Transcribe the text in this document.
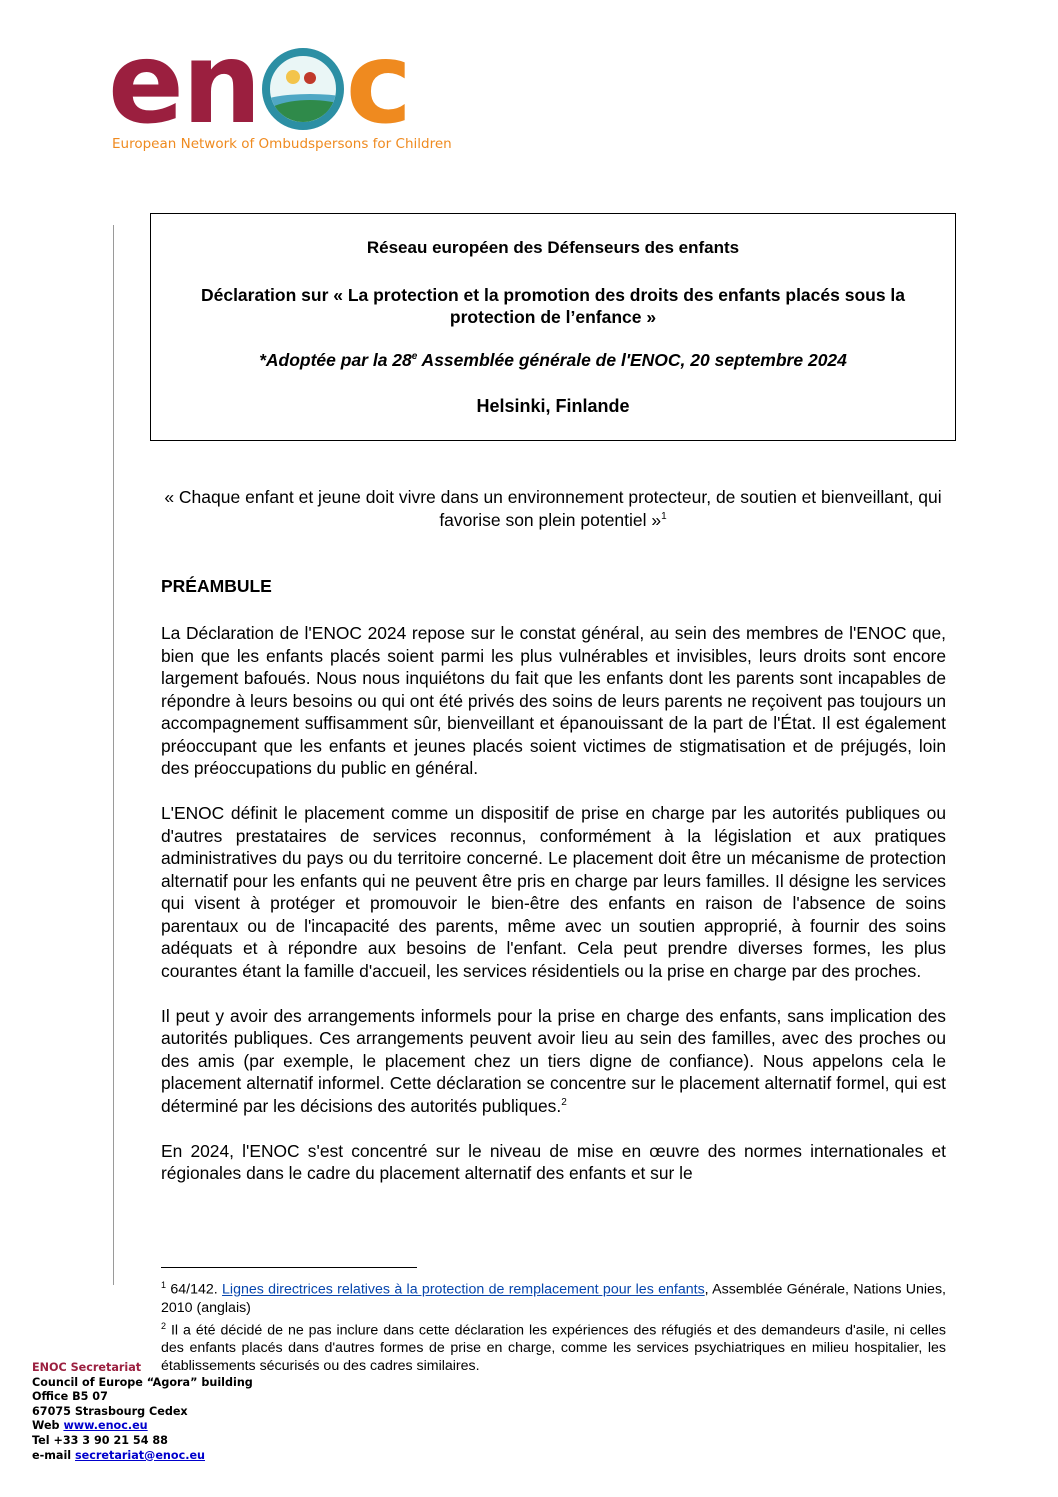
en c
European Network of Ombudspersons for Children
Réseau européen des Défenseurs des enfants
Déclaration sur « La protection et la promotion des droits des enfants placés sous la protection de l’enfance »
*Adoptée par la 28e Assemblée générale de l'ENOC, 20 septembre 2024
Helsinki, Finlande
« Chaque enfant et jeune doit vivre dans un environnement protecteur, de soutien et bienveillant, qui favorise son plein potentiel »$^1$
PRÉAMBULE

La Déclaration de l'ENOC 2024 repose sur le constat général, au sein des membres de l'ENOC que, bien que les enfants placés soient parmi les plus vulnérables et invisibles, leurs droits sont encore largement bafoués. Nous nous inquiétons du fait que les enfants dont les parents sont incapables de répondre à leurs besoins ou qui ont été privés des soins de leurs parents ne reçoivent pas toujours un accompagnement suffisamment sûr, bienveillant et épanouissant de la part de l'État. Il est également préoccupant que les enfants et jeunes placés soient victimes de stigmatisation et de préjugés, loin des préoccupations du public en général.

L'ENOC définit le placement comme un dispositif de prise en charge par les autorités publiques ou d'autres prestataires de services reconnus, conformément à la législation et aux pratiques administratives du pays ou du territoire concerné. Le placement doit être un mécanisme de protection alternatif pour les enfants qui ne peuvent être pris en charge par leurs familles. Il désigne les services qui visent à protéger et promouvoir le bien-être des enfants en raison de l'absence de soins parentaux ou de l'incapacité des parents, même avec un soutien approprié, à fournir des soins adéquats et à répondre aux besoins de l'enfant. Cela peut prendre diverses formes, les plus courantes étant la famille d'accueil, les services résidentiels ou la prise en charge par des proches.

Il peut y avoir des arrangements informels pour la prise en charge des enfants, sans implication des autorités publiques. Ces arrangements peuvent avoir lieu au sein des familles, avec des proches ou des amis (par exemple, le placement chez un tiers digne de confiance). Nous appelons cela le placement alternatif informel. Cette déclaration se concentre sur le placement alternatif formel, qui est déterminé par les décisions des autorités publiques.$^2$

En 2024, l'ENOC s'est concentré sur le niveau de mise en œuvre des normes internationales et régionales dans le cadre du placement alternatif des enfants et sur le

$^1$ 64/142. Lignes directrices relatives à la protection de remplacement pour les enfants, Assemblée Générale, Nations Unies, 2010 (anglais)

$^2$ Il a été décidé de ne pas inclure dans cette déclaration les expériences des réfugiés et des demandeurs d'asile, ni celles des enfants placés dans d'autres formes de prise en charge, comme les services psychiatriques en milieu hospitalier, les établissements sécurisés ou des cadres similaires.

ENOC Secretariat
Council of Europe “Agora” building
Office B5 07
67075 Strasbourg Cedex
Web www.enoc.eu
Tel +33 3 90 21 54 88
e-mail secretariat@enoc.eu
